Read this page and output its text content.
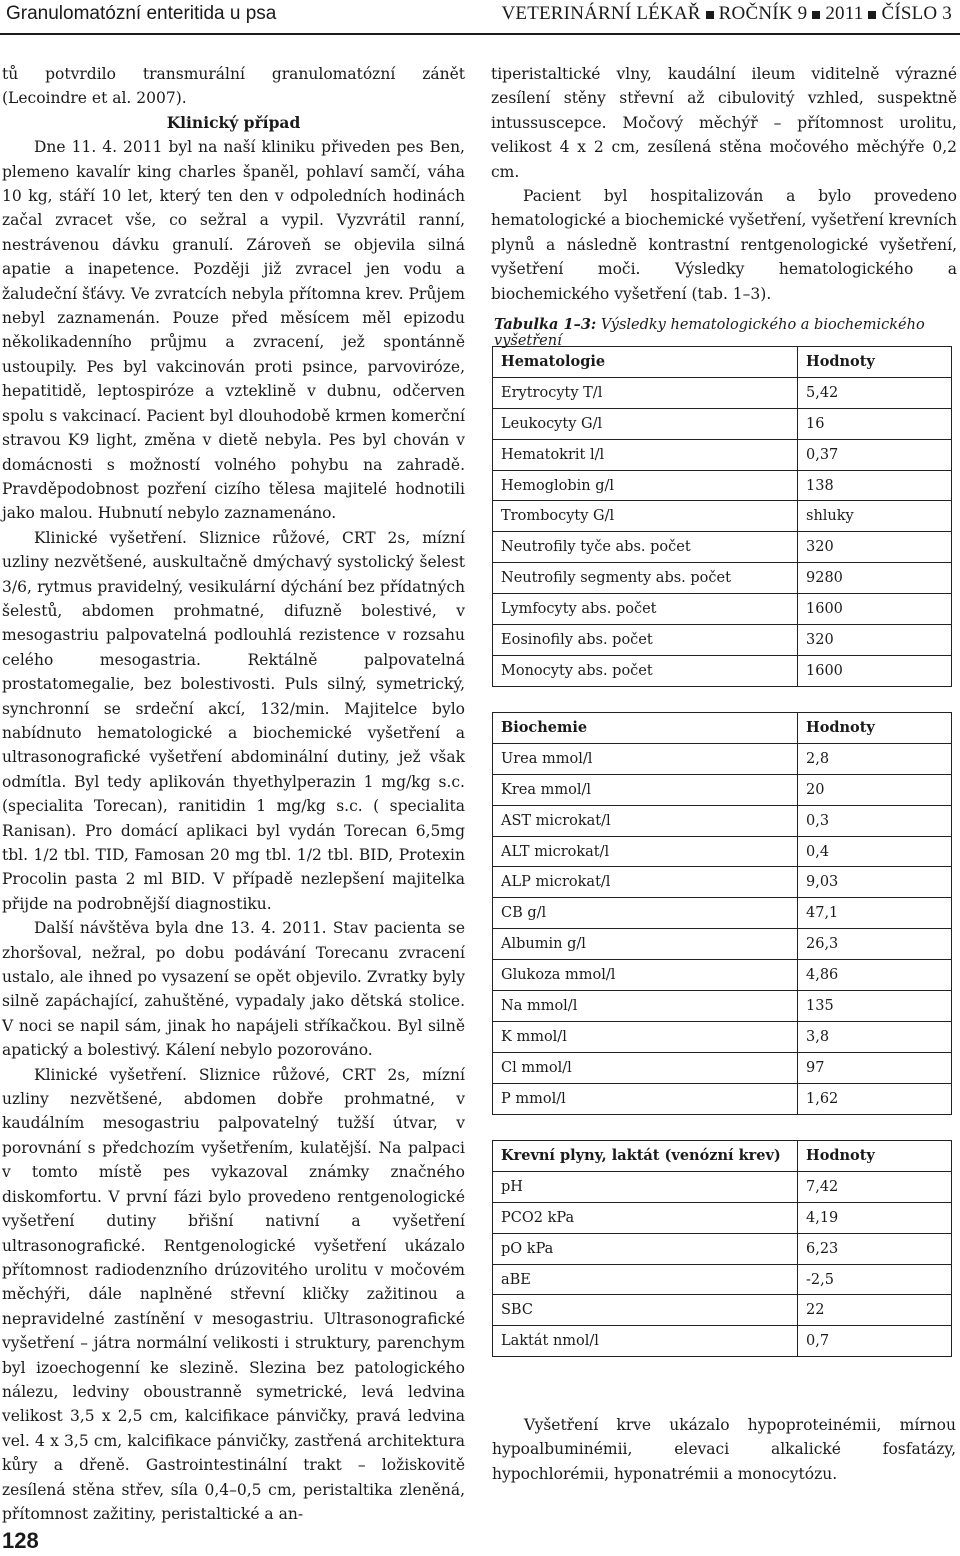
Granulomatózní enteritida u psa	VETERINÁRNÍ LÉKAŘ ROČNÍK 9 2011 ČÍSLO 3

tů potvrdilo transmurální granulomatózní zánět (Lecoindre et al. 2007).

Klinický případ

Dne 11. 4. 2011 byl na naší kliniku přiveden pes Ben, plemeno kavalír king charles španěl, pohlaví samčí, váha 10 kg, stáří 10 let, který ten den v odpoledních hodinách začal zvracet vše, co sežral a vypil. Vyzvrátil ranní, nestrávenou dávku granulí. Zároveň se objevila silná apatie a inapetence. Později již zvracel jen vodu a žaludeční šťávy. Ve zvratcích nebyla přítomna krev. Průjem nebyl zaznamenán. Pouze před měsícem měl epizodu několikadenního průjmu a zvracení, jež spontánně ustoupily. Pes byl vakcinován proti psince, parvoviróze, hepatitidě, leptospiróze a vzteklině v dubnu, odčerven spolu s vakcinací. Pacient byl dlouhodobě krmen komerční stravou K9 light, změna v dietě nebyla. Pes byl chován v domácnosti s možností volného pohybu na zahradě. Pravděpodobnost pozření cizího tělesa majitelé hodnotili jako malou. Hubnutí nebylo zaznamenáno.

Klinické vyšetření. Sliznice růžové, CRT 2s, mízní uzliny nezvětšené, auskultačně dmýchavý systolický šelest 3/6, rytmus pravidelný, vesikulární dýchání bez přídatných šelestů, abdomen prohmatné, difuzně bolestivé, v mesogastriu palpovatelná podlouhlá rezistence v rozsahu celého mesogastria. Rektálně palpovatelná prostatomegalie, bez bolestivosti. Puls silný, symetrický, synchronní se srdeční akcí, 132/min. Majitelce bylo nabídnuto hematologické a biochemické vyšetření a ultrasonografické vyšetření abdominální dutiny, jež však odmítla. Byl tedy aplikován thyethylperazin 1 mg/kg s.c. (specialita Torecan), ranitidin 1 mg/kg s.c. ( specialita Ranisan). Pro domácí aplikaci byl vydán Torecan 6,5mg tbl. 1/2 tbl. TID, Famosan 20 mg tbl. 1/2 tbl. BID, Protexin Procolin pasta 2 ml BID. V případě nezlepšení majitelka přijde na podrobnější diagnostiku.

Další návštěva byla dne 13. 4. 2011. Stav pacienta se zhoršoval, nežral, po dobu podávání Torecanu zvracení ustalo, ale ihned po vysazení se opět objevilo. Zvratky byly silně zapáchající, zahuštěné, vypadaly jako dětská stolice. V noci se napil sám, jinak ho napájeli stříkačkou. Byl silně apatický a bolestivý. Kálení nebylo pozorováno.

Klinické vyšetření. Sliznice růžové, CRT 2s, mízní uzliny nezvětšené, abdomen dobře prohmatné, v kaudálním mesogastriu palpovatelný tužší útvar, v porovnání s předchozím vyšetřením, kulatější. Na palpaci v tomto místě pes vykazoval známky značného diskomfortu. V první fázi bylo provedeno rentgenologické vyšetření dutiny břišní nativní a vyšetření ultrasonografické. Rentgenologické vyšetření ukázalo přítomnost radiodenzního drúzovitého urolitu v močovém měchýři, dále naplněné střevní kličky zažitinou a nepravidelné zastínění v mesogastriu. Ultrasonografické vyšetření – játra normální velikosti i struktury, parenchym byl izoechogenní ke slezině. Slezina bez patologického nálezu, ledviny oboustranně symetrické, levá ledvina velikost 3,5 x 2,5 cm, kalcifikace pánvičky, pravá ledvina vel. 4 x 3,5 cm, kalcifikace pánvičky, zastřená architektura kůry a dřeně. Gastrointestinální trakt – ložiskovitě zesílená stěna střev, síla 0,4–0,5 cm, peristaltika zleněná, přítomnost zažitiny, peristaltické a an-

tiperistaltické vlny, kaudální ileum viditelně výrazné zesílení stěny střevní až cibulovitý vzhled, suspektně intussuscepce. Močový měchýř – přítomnost urolitu, velikost 4 x 2 cm, zesílená stěna močového měchýře 0,2 cm.

Pacient byl hospitalizován a bylo provedeno hematologické a biochemické vyšetření, vyšetření krevních plynů a následně kontrastní rentgenologické vyšetření, vyšetření moči. Výsledky hematologického a biochemického vyšetření (tab. 1–3).

Tabulka 1–3: Výsledky hematologického a biochemického vyšetření
Hematologie	Hodnoty
Erytrocyty T/l	5,42
Leukocyty G/l	16
Hematokrit l/l	0,37
Hemoglobin g/l	138
Trombocyty G/l	shluky
Neutrofily tyče abs. počet	320
Neutrofily segmenty abs. počet	9280
Lymfocyty abs. počet	1600
Eosinofily abs. počet	320
Monocyty abs. počet	1600
Biochemie	Hodnoty
Urea mmol/l	2,8
Krea mmol/l	20
AST microkat/l	0,3
ALT microkat/l	0,4
ALP microkat/l	9,03
CB g/l	47,1
Albumin g/l	26,3
Glukoza mmol/l	4,86
Na mmol/l	135
K mmol/l	3,8
Cl mmol/l	97
P mmol/l	1,62
Krevní plyny, laktát (venózní krev)	Hodnoty
pH	7,42
PCO2 kPa	4,19
pO kPa	6,23
aBE	-2,5
SBC	22
Laktát nmol/l	0,7

Vyšetření krve ukázalo hypoproteinémii, mírnou hypoalbuminémii, elevaci alkalické fosfatázy, hypochlorémii, hyponatrémii a monocytózu.

128
